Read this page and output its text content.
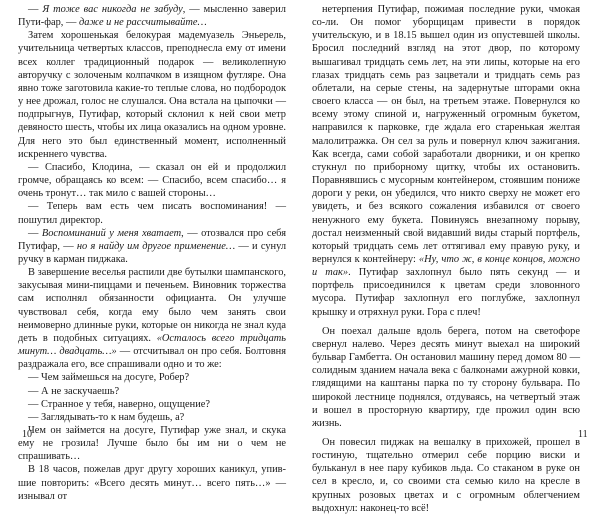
— Я тоже вас никогда не забуду, — мысленно заверил Пути-фар, — даже и не рассчитывайте…

Затем хорошенькая белокурая мадемуазель Эньерель, учительница четвертых классов, преподнесла ему от имени всех коллег традиционный подарок — великолепную авторучку с золоченым колпачком в изящном футляре. Она явно тоже заготовила какие-то теплые слова, но подбородок у нее дрожал, голос не слушался. Она встала на цыпочки — подпрыгнув, Путифар, который склонил к ней свои метр девяносто шесть, чтобы их лица оказались на одном уровне. Для него это был единственный момент, исполненный искреннего чувства.

— Спасибо, Клодина, — сказал он ей и продолжил громче, обращаясь ко всем: — Спасибо, всем спасибо… я очень тронут… так мило с вашей стороны…

— Теперь вам есть чем писать воспоминания! — пошутил директор.

— Воспоминаний у меня хватает, — отозвался про себя Путифар, — но я найду им другое применение… — и сунул ручку в карман пиджака.

В завершение веселья распили две бутылки шампанского, закусывая мини-пиццами и печеньем. Виновник торжества сам исполнял обязанности официанта. Он улучше чувствовал себя, когда ему было чем занять свои неимоверно длинные руки, которые он никогда не знал куда деть в подобных ситуациях. «Осталось всего тридцать минут… двадцать…» — отсчитывал он про себя. Болтовня раздражала его, все спрашивали одно и то же:

— Чем займешься на досуге, Робер?

— А не заскучаешь?

— Странное у тебя, наверно, ощущение?

— Заглядывать-то к нам будешь, а?

Чем он займется на досуге, Путифар уже знал, и скука ему не грозила! Лучше было бы им ни о чем не спрашивать…

В 18 часов, пожелав друг другу хороших каникул, упив-шие повторить: «Всего десять минут… всего пять…» — изнывал от

нетерпения Путифар, пожимая последние руки, чмокая со-ли. Он помог уборщицам привести в порядок учительскую, и в 18.15 вышел один из опустевшей школы. Бросил последний взгляд на этот двор, по которому вышагивал тридцать семь лет, на эти липы, которые на его глазах тридцать семь раз зацветали и тридцать семь раз облетали, на серые стены, на задернутые шторами окна своего класса — он был, на третьем этаже. Повернулся ко всему этому спиной и, нагруженный огромным букетом, направился к парковке, где ждала его старенькая желтая малолитражка. Он сел за руль и повернул ключ зажигания. Как всегда, сами собой заработали дворники, и он крепко стукнул по приборному щитку, чтобы их остановить. Поравнявшись с мусорным контейнером, стоявшим пониже дороги у реки, он убедился, что никто сверху не может его увидеть, и без всякого сожаления избавился от своего ненужного ему букета. Повинуясь внезапному порыву, достал неизменный свой видавший виды старый портфель, который тридцать семь лет оттягивал ему правую руку, и вернулся к контейнеру: «Ну, что ж, в конце концов, можно и так». Путифар захлопнул было пять секунд — и портфель присоединился к цветам среди зловонного мусора. Путифар захлопнул его поглубже, захлопнул крышку и отряхнул руки. Гора с плеч!

Он поехал дальше вдоль берега, потом на светофоре свернул налево. Через десять минут выехал на широкий бульвар Гамбетта. Он остановил машину перед домом 80 — солидным зданием начала века с балконами ажурной ковки, глядящими на каштаны парка по ту сторону бульвара. По широкой лестнице поднялся, отдуваясь, на четвертый этаж и вошел в просторную квартиру, где прожил один всю жизнь.

Он повесил пиджак на вешалку в прихожей, прошел в гостиную, тщательно отмерил себе порцию виски и бульканул в нее пару кубиков льда. Со стаканом в руке он сел в кресло, и, со своими ста семью кило на кресле в крупных розовых цветах и с огромным облегчением выдохнул: наконец-то всё!

10	11
